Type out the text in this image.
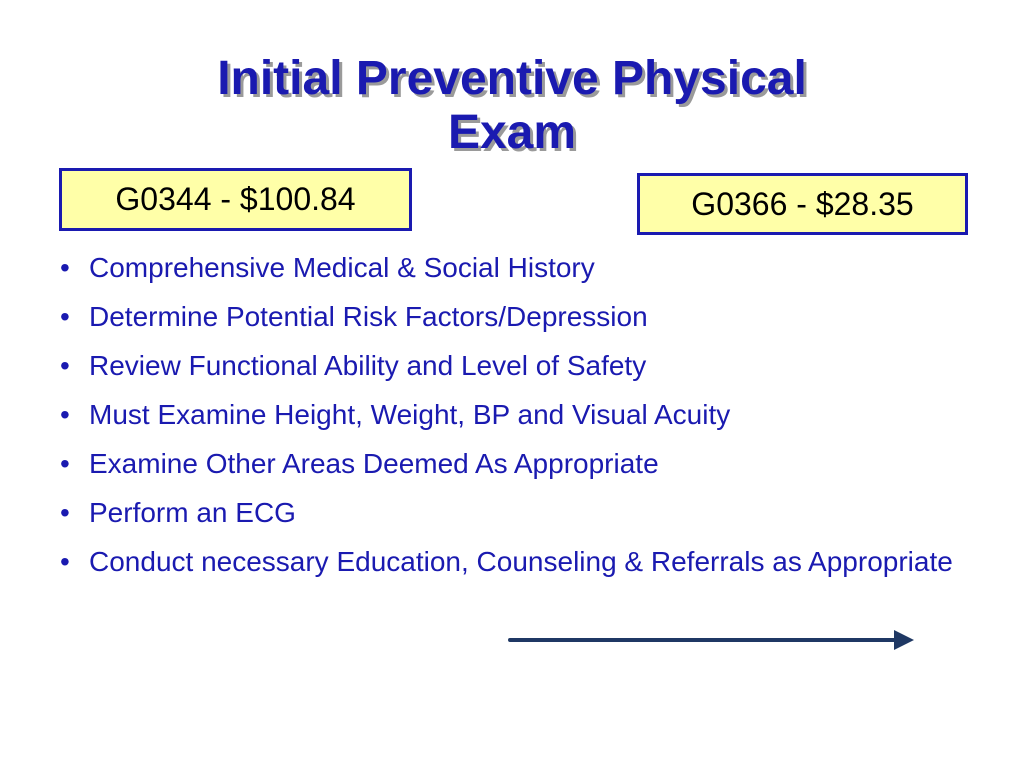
Initial Preventive Physical
Exam
G0344 - $100.84	G0366 - $28.35
• Comprehensive Medical & Social History
• Determine Potential Risk Factors/Depression
• Review Functional Ability and Level of Safety
• Must Examine Height, Weight, BP and Visual Acuity
• Examine Other Areas Deemed As Appropriate
• Perform an ECG
• Conduct necessary Education, Counseling & Referrals as Appropriate
